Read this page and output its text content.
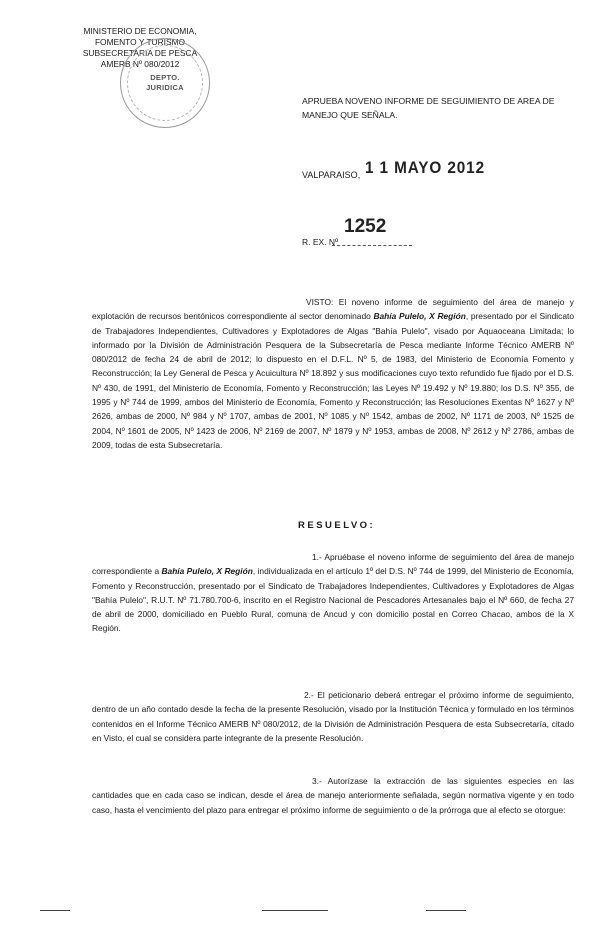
MINISTERIO DE ECONOMIA,
FOMENTO Y TURISMO
SUBSECRETARIA DE PESCA
AMERB Nº 080/2012
DEPTO.
JURIDICA
APRUEBA NOVENO INFORME DE SEGUIMIENTO DE AREA DE MANEJO QUE SEÑALA.
VALPARAISO, 1 1 MAYO 2012
R. EX. Nº
1252
VISTO: El noveno informe de seguimiento del área de manejo y explotación de recursos bentónicos correspondiente al sector denominado Bahía Pulelo, X Región, presentado por el Sindicato de Trabajadores Independientes, Cultivadores y Explotadores de Algas "Bahía Pulelo", visado por Aquaoceana Limitada; lo informado por la División de Administración Pesquera de la Subsecretaría de Pesca mediante Informe Técnico AMERB Nº 080/2012 de fecha 24 de abril de 2012; lo dispuesto en el D.F.L. Nº 5, de 1983, del Ministerio de Economía Fomento y Reconstrucción; la Ley General de Pesca y Acuicultura Nº 18.892 y sus modificaciones cuyo texto refundido fue fijado por el D.S. Nº 430, de 1991, del Ministerio de Economía, Fomento y Reconstrucción; las Leyes Nº 19.492 y Nº 19.880; los D.S. Nº 355, de 1995 y Nº 744 de 1999, ambos del Ministerio de Economía, Fomento y Reconstrucción; las Resoluciones Exentas Nº 1627 y Nº 2626, ambas de 2000, Nº 984 y Nº 1707, ambas de 2001, Nº 1085 y Nº 1542, ambas de 2002, Nº 1171 de 2003, Nº 1525 de 2004, Nº 1601 de 2005, Nº 1423 de 2006, Nº 2169 de 2007, Nº 1879 y Nº 1953, ambas de 2008, Nº 2612 y Nº 2786, ambas de 2009, todas de esta Subsecretaría.
RESUELVO:
1.- Apruébase el noveno informe de seguimiento del área de manejo correspondiente a Bahía Pulelo, X Región, individualizada en el artículo 1º del D.S. Nº 744 de 1999, del Ministerio de Economía, Fomento y Reconstrucción, presentado por el Sindicato de Trabajadores Independientes, Cultivadores y Explotadores de Algas "Bahía Pulelo", R.U.T. Nº 71.780.700-6, inscrito en el Registro Nacional de Pescadores Artesanales bajo el Nº 660, de fecha 27 de abril de 2000, domiciliado en Pueblo Rural, comuna de Ancud y con domicilio postal en Correo Chacao, ambos de la X Región.
2.- El peticionario deberá entregar el próximo informe de seguimiento, dentro de un año contado desde la fecha de la presente Resolución, visado por la Institución Técnica y formulado en los términos contenidos en el Informe Técnico AMERB Nº 080/2012, de la División de Administración Pesquera de esta Subsecretaría, citado en Visto, el cual se considera parte integrante de la presente Resolución.
3.- Autorízase la extracción de las siguientes especies en las cantidades que en cada caso se indican, desde el área de manejo anteriormente señalada, según normativa vigente y en todo caso, hasta el vencimiento del plazo para entregar el próximo informe de seguimiento o de la prórroga que al efecto se otorgue:
